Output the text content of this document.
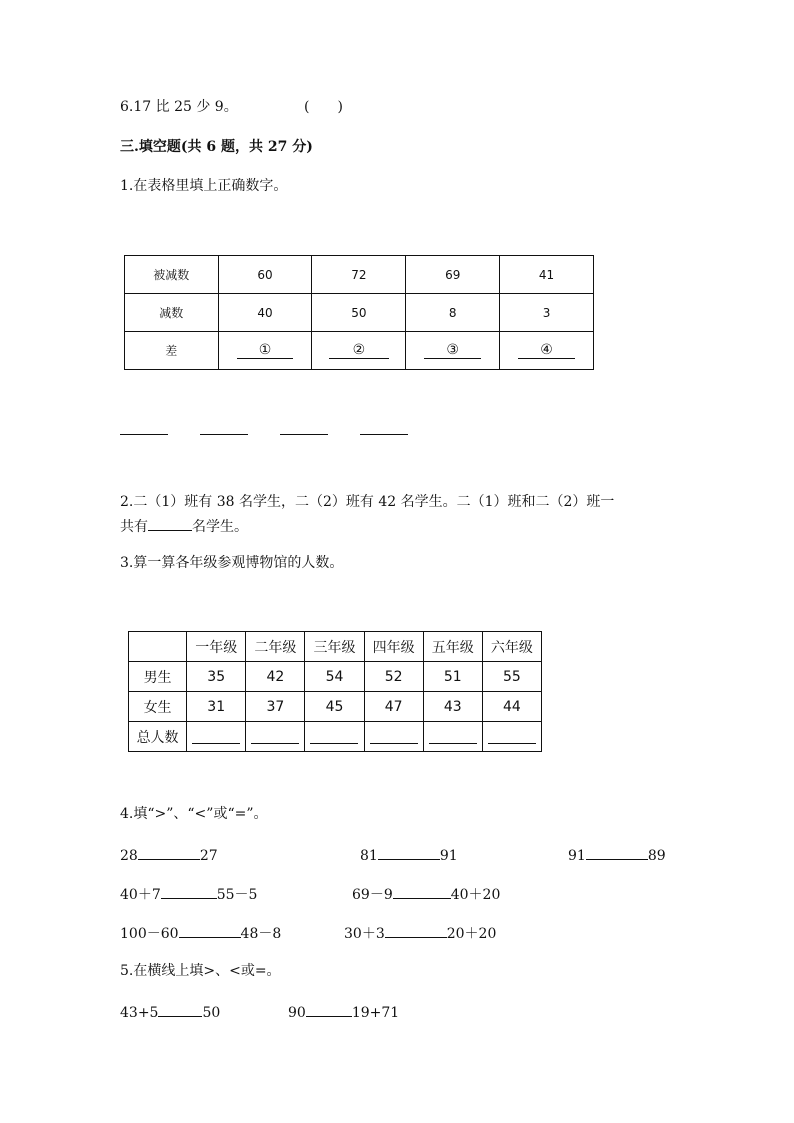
6.17 比 25 少 9。	(　　)
三.填空题(共 6 题，共 27 分)
1.在表格里填上正确数字。
被减数	60	72	69	41
减数	40	50	8	3
差	①	②	③	④
2.二（1）班有 38 名学生，二（2）班有 42 名学生。二（1）班和二（2）班一
共有	名学生。
3.算一算各年级参观博物馆的人数。
	一年级	二年级	三年级	四年级	五年级	六年级
男生	35	42	54	52	51	55
女生	31	37	45	47	43	44
总人数						
4.填“>”、“<”或“=”。
28	27	81	91	91	89
40＋7	55－5	69－9	40＋20
100－60	48－8	30＋3	20＋20
5.在横线上填>、<或=。
43+5	50	90	19+71
